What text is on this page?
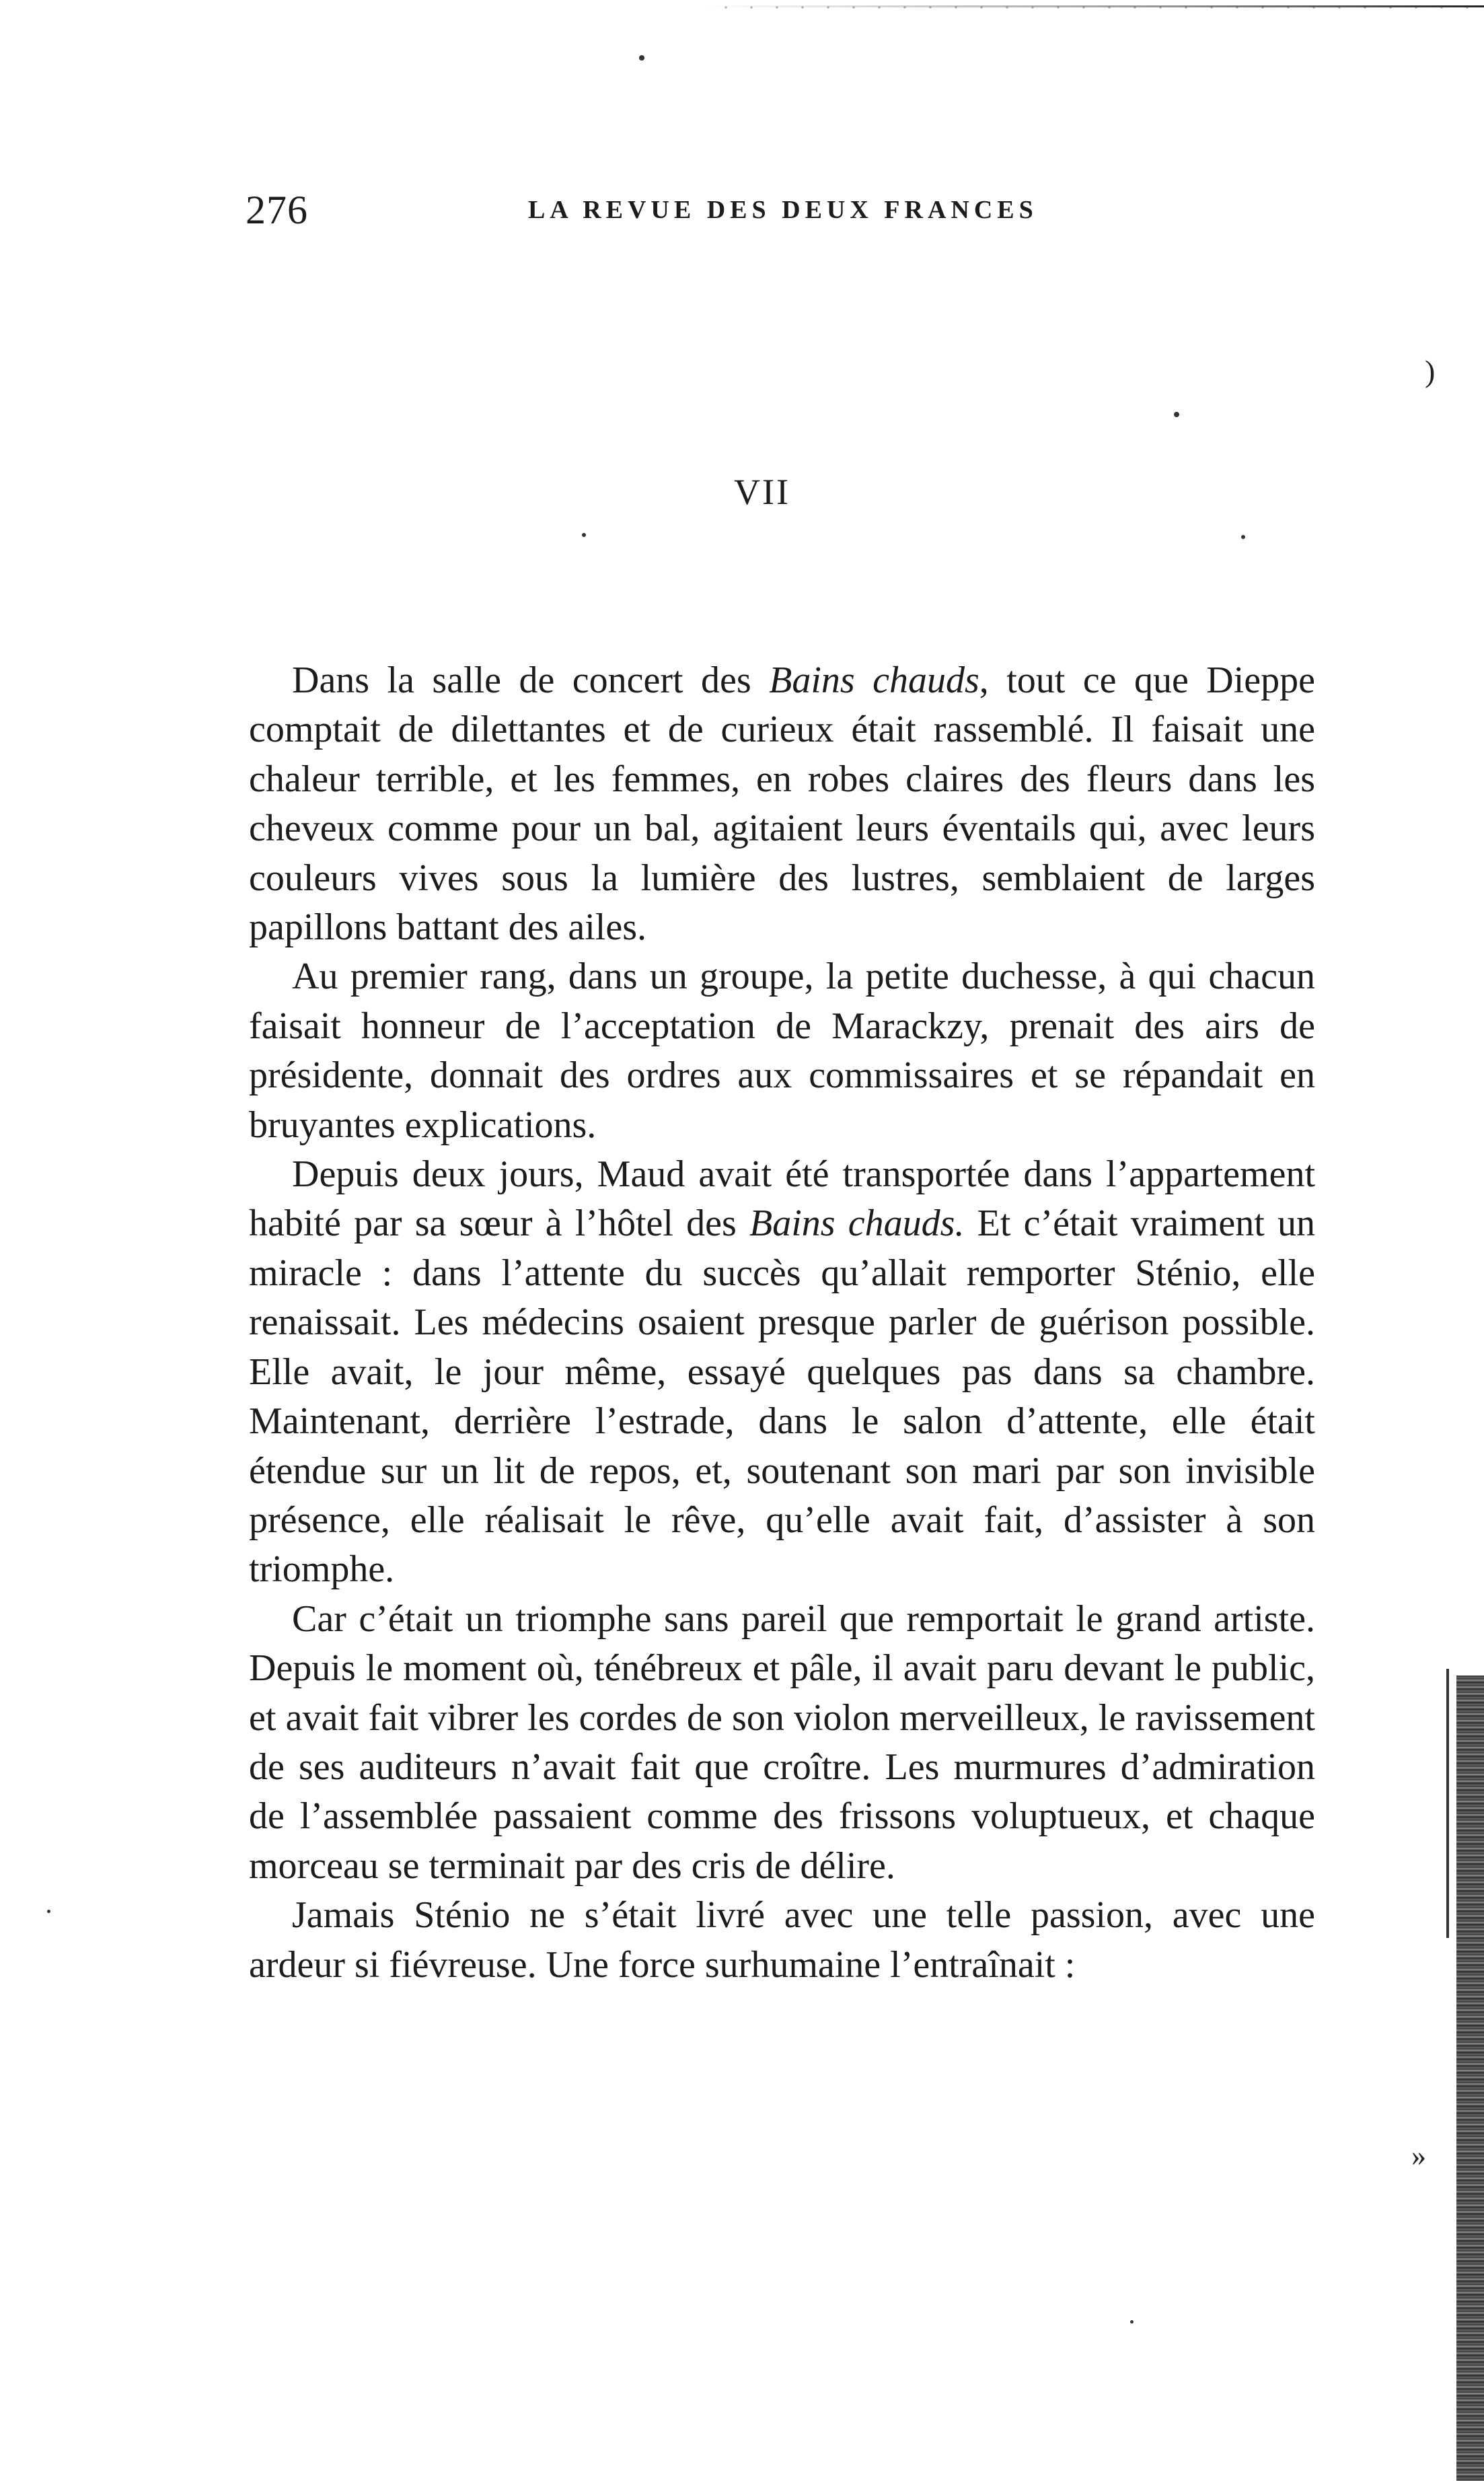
)
»
276	LA REVUE DES DEUX FRANCES
VII

Dans la salle de concert des Bains chauds, tout ce que Dieppe comptait de dilettantes et de curieux était rassemblé. Il faisait une chaleur terrible, et les femmes, en robes claires des fleurs dans les cheveux comme pour un bal, agitaient leurs éventails qui, avec leurs couleurs vives sous la lumière des lustres, semblaient de larges papillons battant des ailes.

Au premier rang, dans un groupe, la petite duchesse, à qui chacun faisait honneur de l’acceptation de Marackzy, prenait des airs de présidente, donnait des ordres aux commissaires et se répandait en bruyantes explications.

Depuis deux jours, Maud avait été transportée dans l’appartement habité par sa sœur à l’hôtel des Bains chauds. Et c’était vraiment un miracle : dans l’attente du succès qu’allait remporter Sténio, elle renaissait. Les médecins osaient presque parler de guérison possible. Elle avait, le jour même, essayé quelques pas dans sa chambre. Maintenant, derrière l’estrade, dans le salon d’attente, elle était étendue sur un lit de repos, et, soutenant son mari par son invisible présence, elle réalisait le rêve, qu’elle avait fait, d’assister à son triomphe.

Car c’était un triomphe sans pareil que remportait le grand artiste. Depuis le moment où, ténébreux et pâle, il avait paru devant le public, et avait fait vibrer les cordes de son violon merveilleux, le ravissement de ses auditeurs n’avait fait que croître. Les murmures d’admiration de l’assemblée passaient comme des frissons voluptueux, et chaque morceau se terminait par des cris de délire.

Jamais Sténio ne s’était livré avec une telle passion, avec une ardeur si fiévreuse. Une force surhumaine l’entraînait :
